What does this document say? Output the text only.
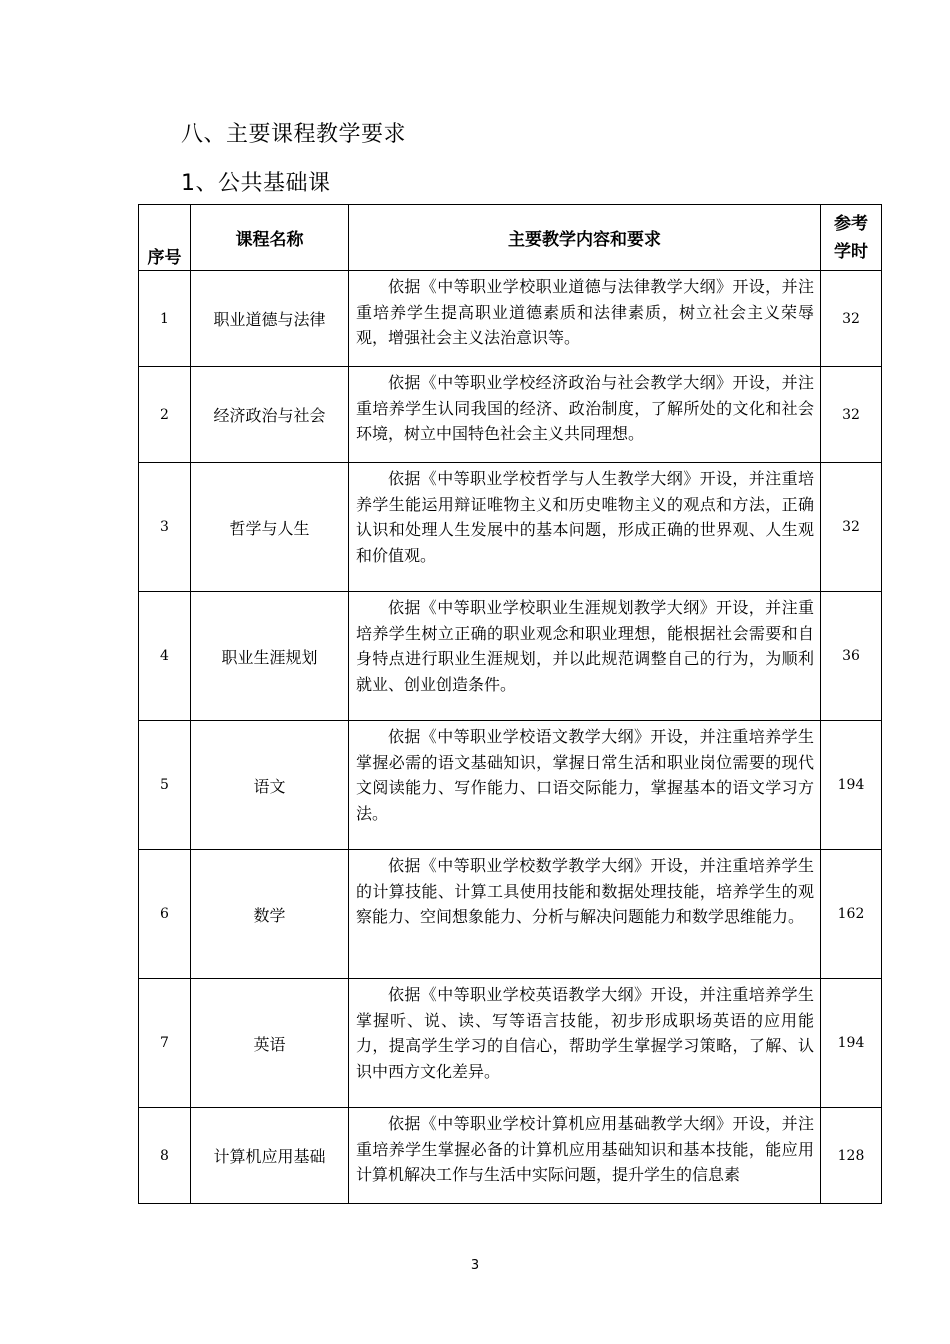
八、主要课程教学要求
1、公共基础课
序号	课程名称	主要教学内容和要求	参考
学时
1	职业道德与法律	依据《中等职业学校职业道德与法律教学大纲》开设，并注重培养学生提高职业道德素质和法律素质，树立社会主义荣辱观，增强社会主义法治意识等。	32
2	经济政治与社会	依据《中等职业学校经济政治与社会教学大纲》开设，并注重培养学生认同我国的经济、政治制度，了解所处的文化和社会环境，树立中国特色社会主义共同理想。	32
3	哲学与人生	依据《中等职业学校哲学与人生教学大纲》开设，并注重培养学生能运用辩证唯物主义和历史唯物主义的观点和方法，正确认识和处理人生发展中的基本问题，形成正确的世界观、人生观和价值观。	32
4	职业生涯规划	依据《中等职业学校职业生涯规划教学大纲》开设，并注重培养学生树立正确的职业观念和职业理想，能根据社会需要和自身特点进行职业生涯规划，并以此规范调整自己的行为，为顺利就业、创业创造条件。	36
5	语文	依据《中等职业学校语文教学大纲》开设，并注重培养学生掌握必需的语文基础知识，掌握日常生活和职业岗位需要的现代文阅读能力、写作能力、口语交际能力，掌握基本的语文学习方法。	194
6	数学	依据《中等职业学校数学教学大纲》开设，并注重培养学生的计算技能、计算工具使用技能和数据处理技能，培养学生的观察能力、空间想象能力、分析与解决问题能力和数学思维能力。	162
7	英语	依据《中等职业学校英语教学大纲》开设，并注重培养学生掌握听、说、读、写等语言技能，初步形成职场英语的应用能力，提高学生学习的自信心，帮助学生掌握学习策略，了解、认识中西方文化差异。	194
8	计算机应用基础	依据《中等职业学校计算机应用基础教学大纲》开设，并注重培养学生掌握必备的计算机应用基础知识和基本技能，能应用计算机解决工作与生活中实际问题，提升学生的信息素	128
3
